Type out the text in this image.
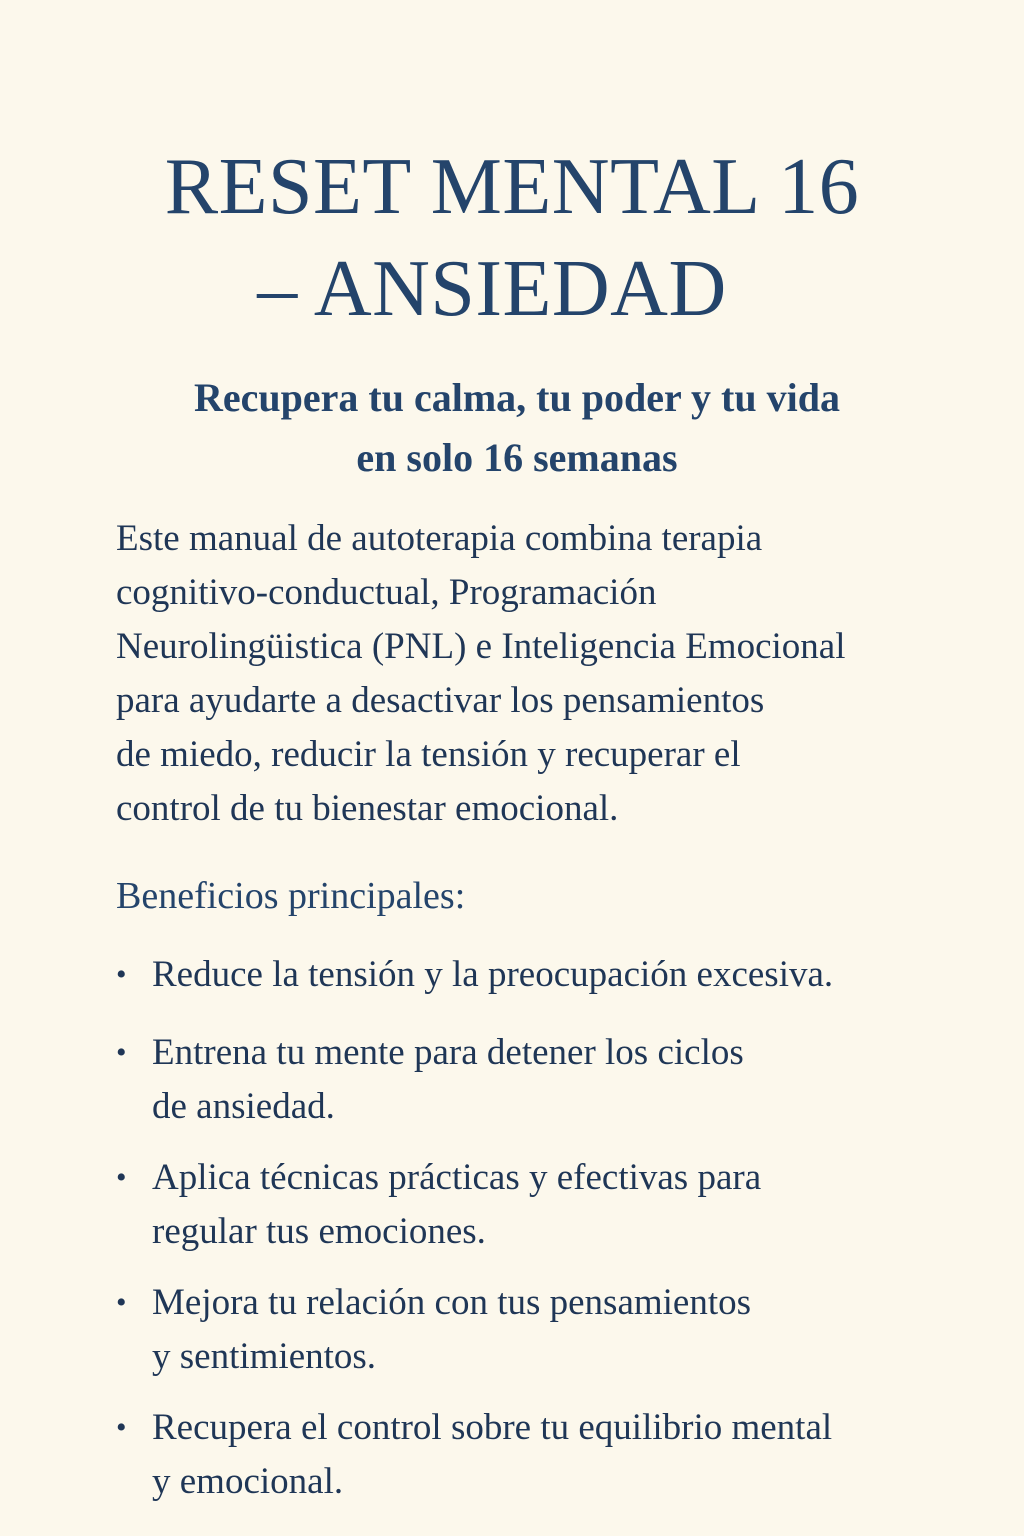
RESET MENTAL 16
– ANSIEDAD
Recupera tu calma, tu poder y tu vida
en solo 16 semanas

Este manual de autoterapia combina terapia
cognitivo-conductual, Programación
Neurolingüistica (PNL) e Inteligencia Emocional
para ayudarte a desactivar los pensamientos
de miedo, reducir la tensión y recuperar el
control de tu bienestar emocional.

Beneficios principales:
• Reduce la tensión y la preocupación excesiva.
• Entrena tu mente para detener los ciclos
de ansiedad.
• Aplica técnicas prácticas y efectivas para
regular tus emociones.
• Mejora tu relación con tus pensamientos
y sentimientos.
• Recupera el control sobre tu equilibrio mental
y emocional.
